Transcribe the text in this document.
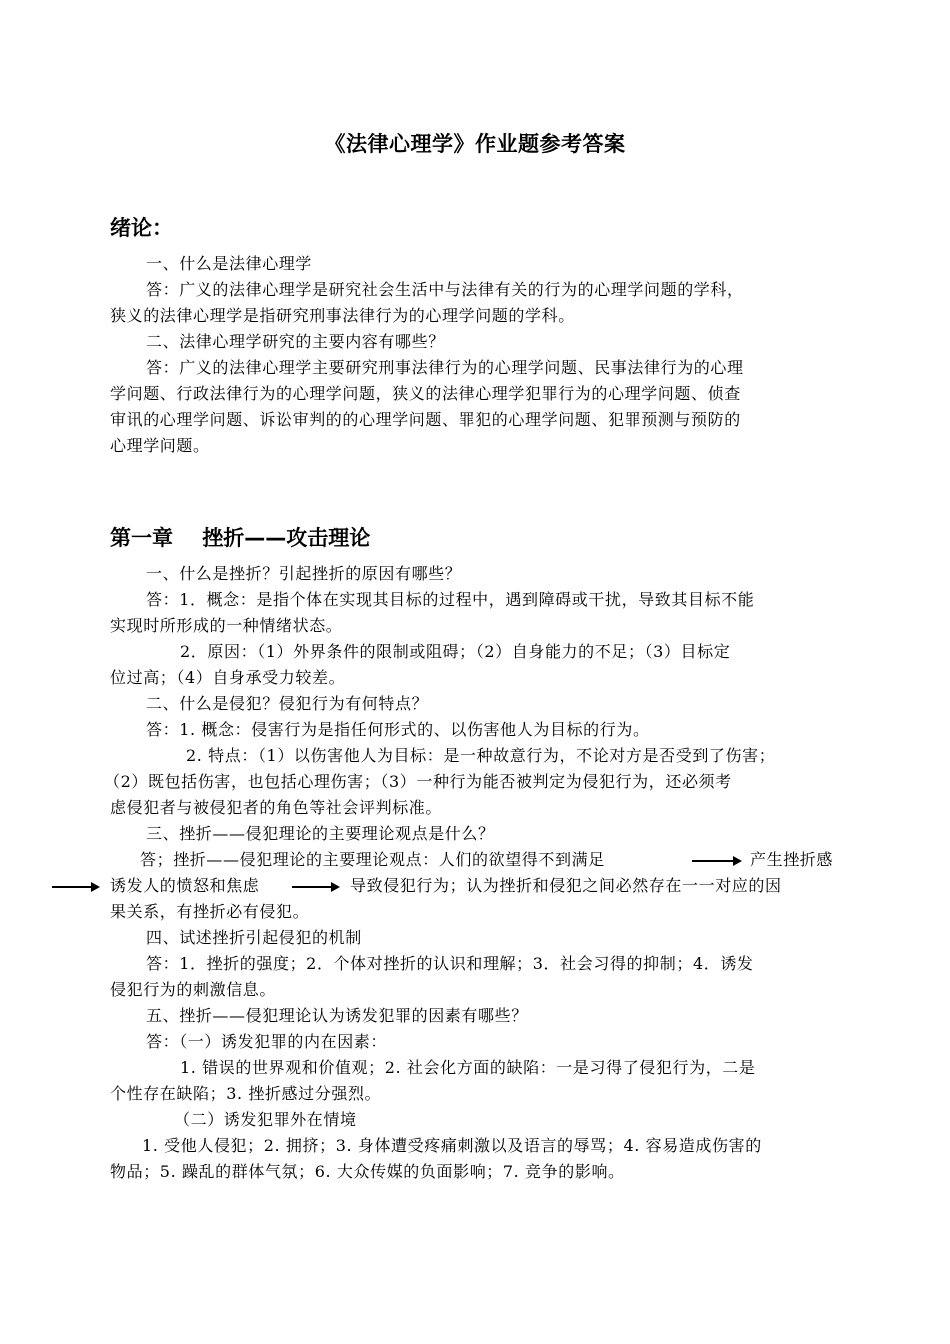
《法律心理学》作业题参考答案
绪论：
一、什么是法律心理学
答：广义的法律心理学是研究社会生活中与法律有关的行为的心理学问题的学科，
狭义的法律心理学是指研究刑事法律行为的心理学问题的学科。
二、法律心理学研究的主要内容有哪些？
答：广义的法律心理学主要研究刑事法律行为的心理学问题、民事法律行为的心理
学问题、行政法律行为的心理学问题，狭义的法律心理学犯罪行为的心理学问题、侦查
审讯的心理学问题、诉讼审判的的心理学问题、罪犯的心理学问题、犯罪预测与预防的
心理学问题。
第一章    挫折——攻击理论
一、什么是挫折？引起挫折的原因有哪些？
答：1．概念：是指个体在实现其目标的过程中，遇到障碍或干扰，导致其目标不能
实现时所形成的一种情绪状态。
2．原因：（1）外界条件的限制或阻碍；（2）自身能力的不足；（3）目标定
位过高；（4）自身承受力较差。
二、什么是侵犯？侵犯行为有何特点？
答：1. 概念：侵害行为是指任何形式的、以伤害他人为目标的行为。
2. 特点：（1）以伤害他人为目标：是一种故意行为，不论对方是否受到了伤害；
（2）既包括伤害，也包括心理伤害；（3）一种行为能否被判定为侵犯行为，还必须考
虑侵犯者与被侵犯者的角色等社会评判标准。
三、挫折——侵犯理论的主要理论观点是什么？
答；挫折——侵犯理论的主要理论观点：人们的欲望得不到满足	产生挫折感
诱发人的愤怒和焦虑	导致侵犯行为；认为挫折和侵犯之间必然存在一一对应的因
果关系，有挫折必有侵犯。
四、试述挫折引起侵犯的机制
答：1．挫折的强度；2．个体对挫折的认识和理解；3．社会习得的抑制；4．诱发
侵犯行为的刺激信息。
五、挫折——侵犯理论认为诱发犯罪的因素有哪些？
答：（一）诱发犯罪的内在因素：
1. 错误的世界观和价值观；2. 社会化方面的缺陷：一是习得了侵犯行为，二是
个性存在缺陷；3. 挫折感过分强烈。
（二）诱发犯罪外在情境
1. 受他人侵犯；2. 拥挤；3. 身体遭受疼痛刺激以及语言的辱骂；4. 容易造成伤害的
物品；5. 躁乱的群体气氛；6. 大众传媒的负面影响；7. 竞争的影响。
